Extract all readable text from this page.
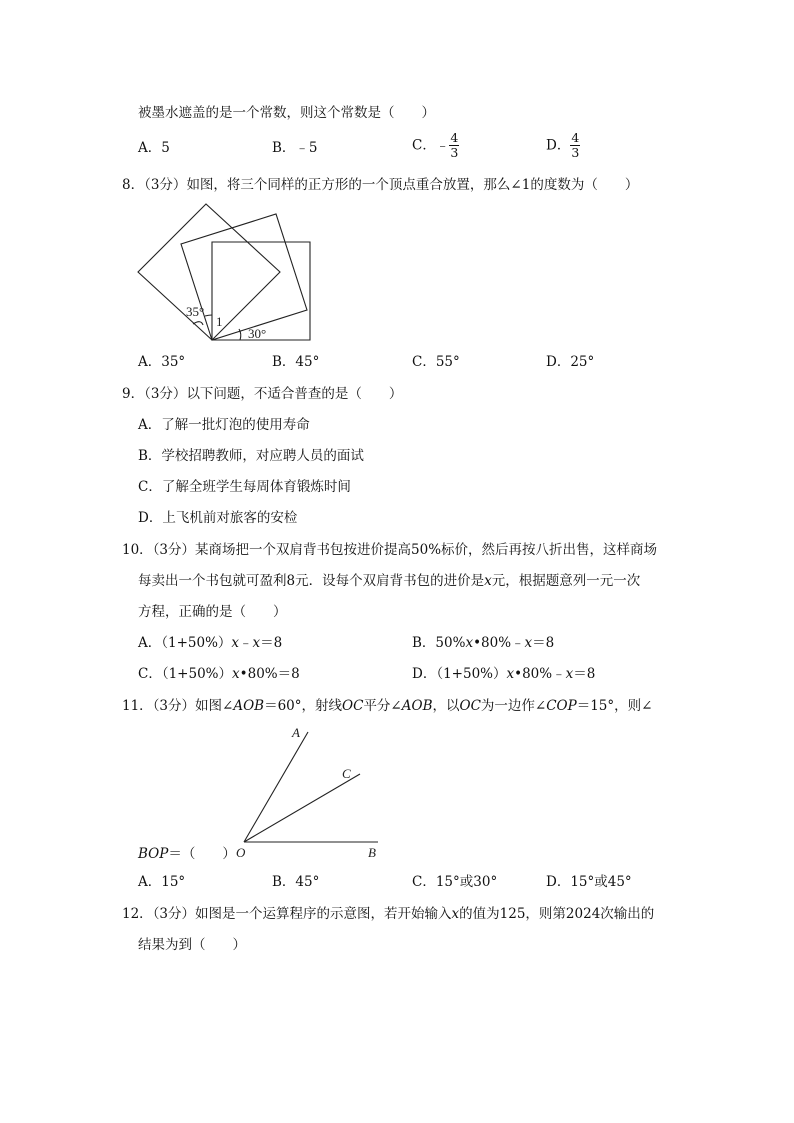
被墨水遮盖的是一个常数，则这个常数是（　　）
A．5	B．﹣5	C．﹣ $\frac{4}{3}$	D． $\frac{4}{3}$
8．（3分）如图，将三个同样的正方形的一个顶点重合放置，那么∠1的度数为（　　）
35°
1
30°
A．35°	B．45°	C．55°	D．25°
9．（3分）以下问题，不适合普查的是（　　）
A．了解一批灯泡的使用寿命
B．学校招聘教师，对应聘人员的面试
C．了解全班学生每周体育锻炼时间
D．上飞机前对旅客的安检
10．（3分）某商场把一个双肩背书包按进价提高50%标价，然后再按八折出售，这样商场
每卖出一个书包就可盈利8元．设每个双肩背书包的进价是x元，根据题意列一元一次
方程，正确的是（　　）
A．（1+50%）x﹣x＝8	B．50%x•80%﹣x＝8
C．（1+50%）x•80%＝8	D．（1+50%）x•80%﹣x＝8
11．（3分）如图∠AOB＝60°，射线OC平分∠AOB，以OC为一边作∠COP＝15°，则∠
A
C
O	B
BOP＝（　　）
A．15°	B．45°	C．15°或30°	D．15°或45°
12．（3分）如图是一个运算程序的示意图，若开始输入x的值为125，则第2024次输出的
结果为到（　　）
